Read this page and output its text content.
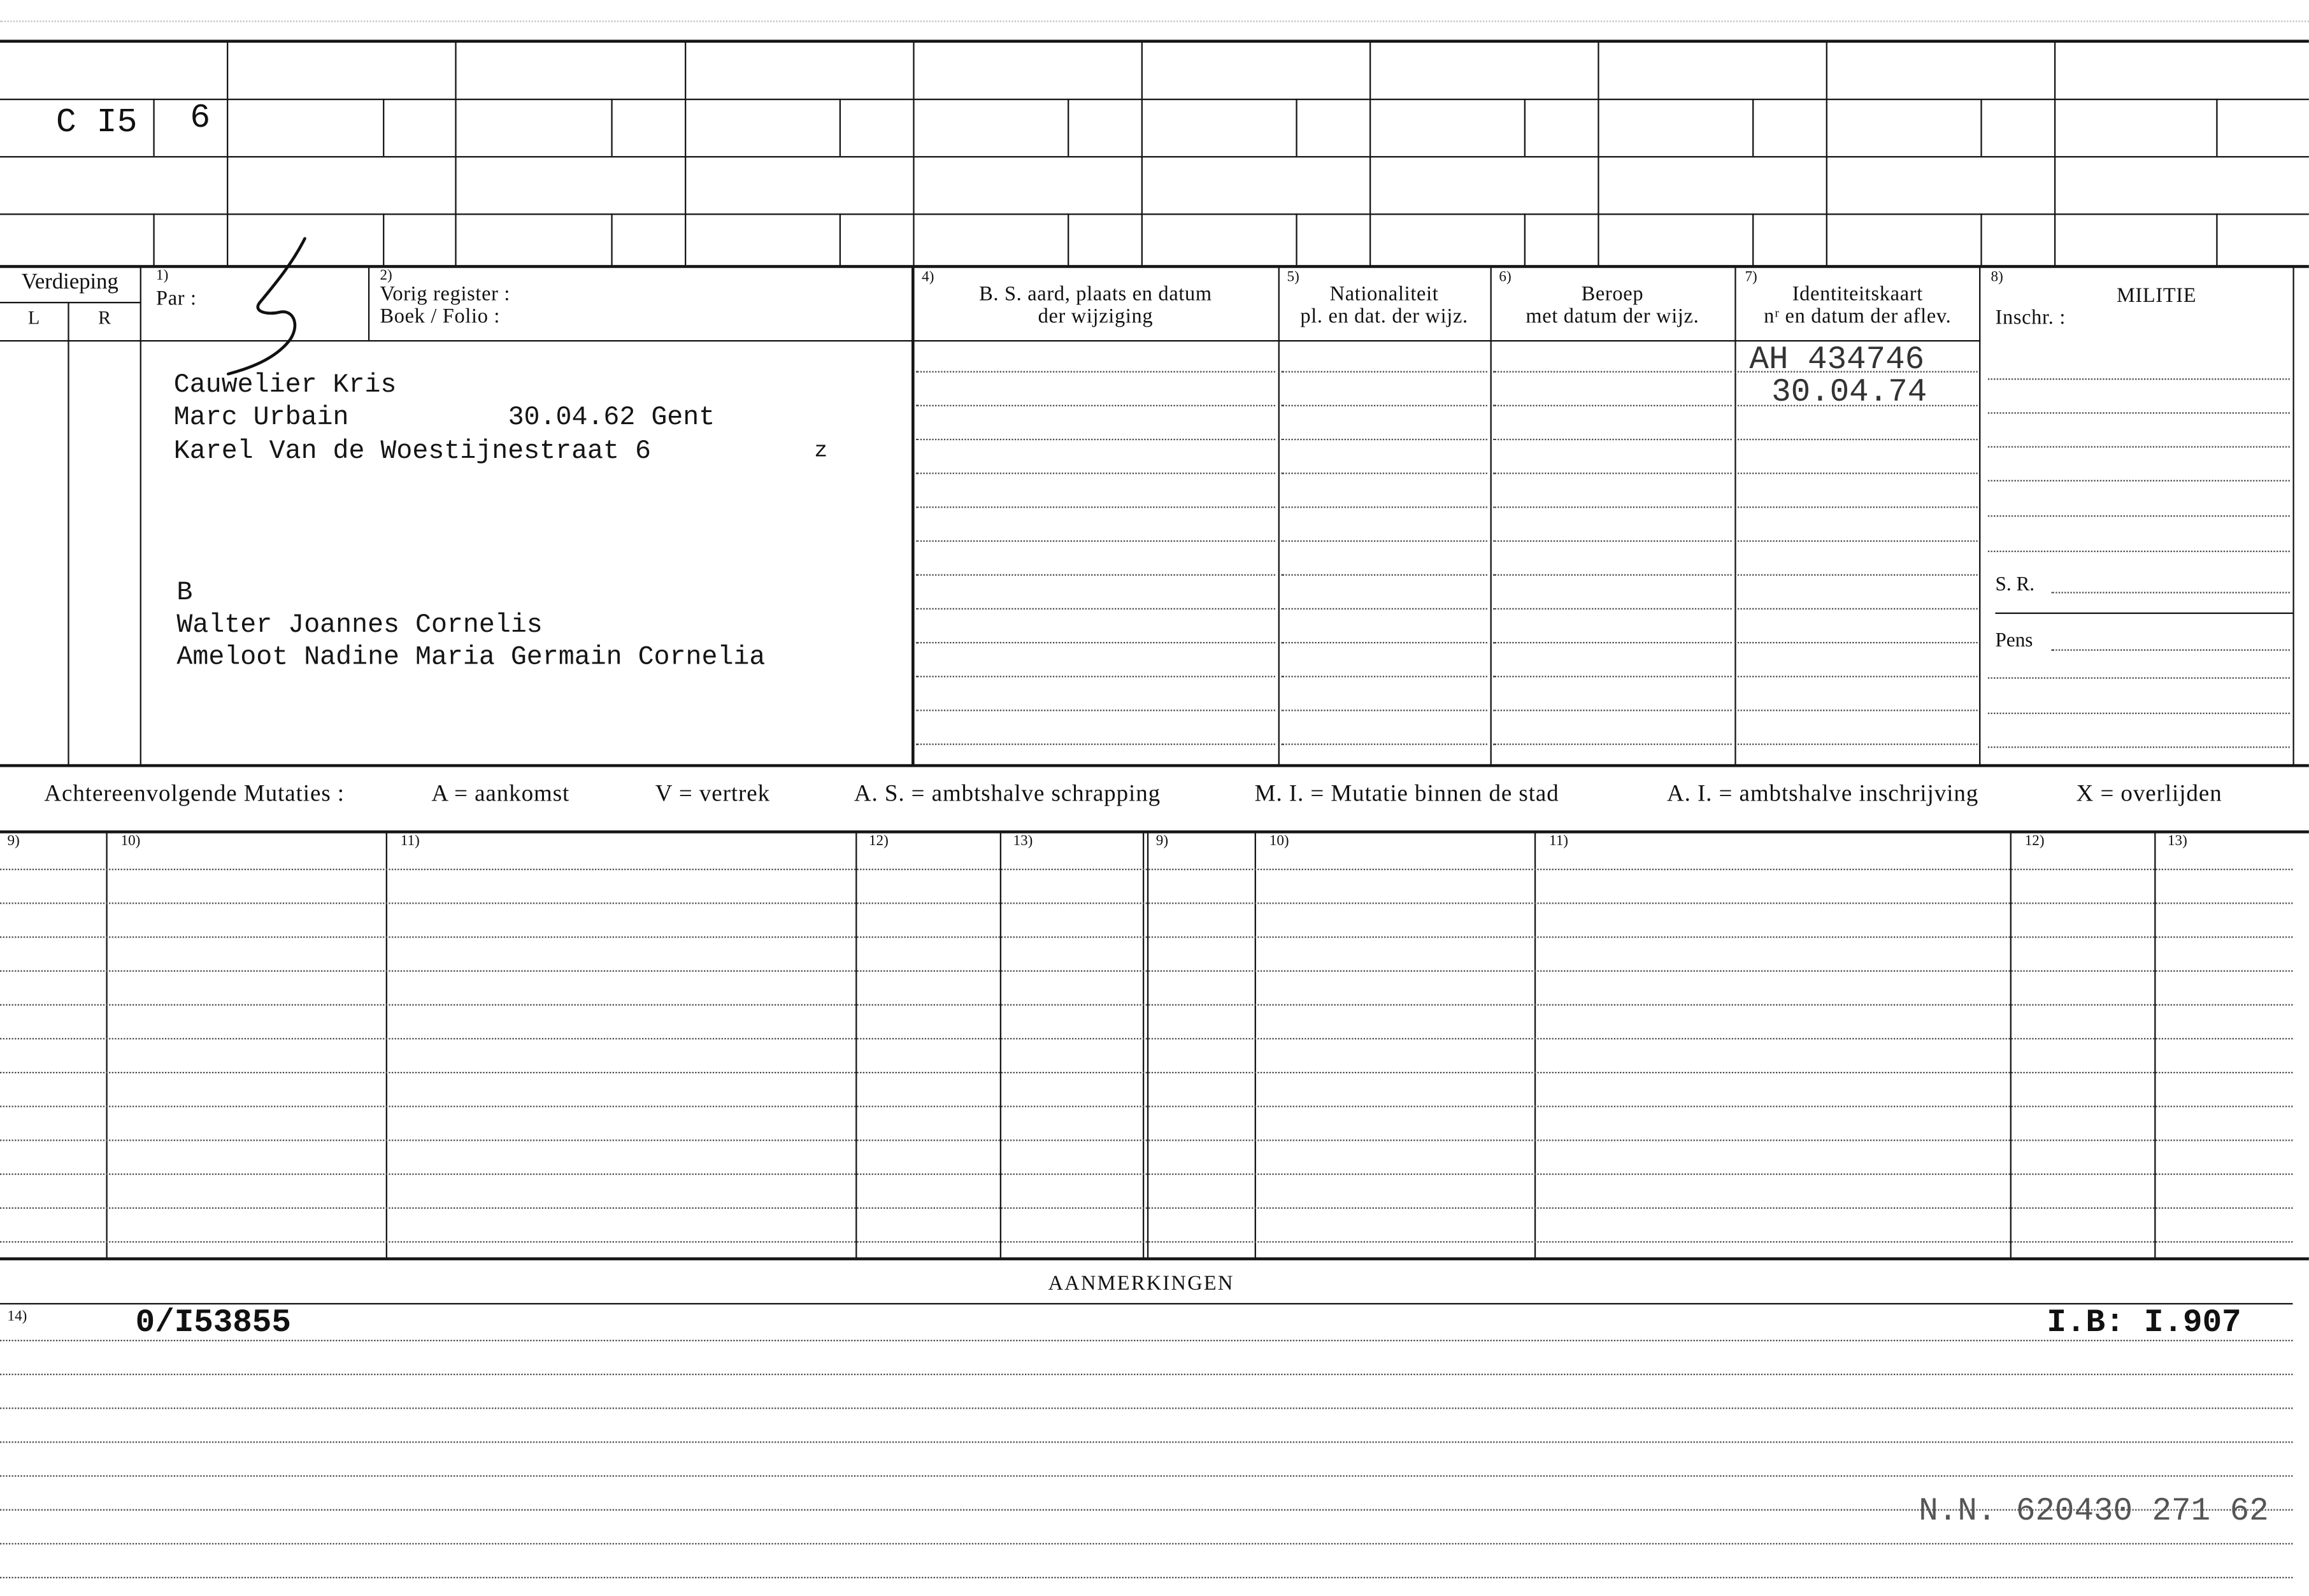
C I5	6
Verdieping
L	R
1)
Par :
2)
Vorig register :
Boek / Folio :
4)
B. S. aard, plaats en datum
der wijziging
5)
Nationaliteit
pl. en dat. der wijz.
6)
Beroep
met datum der wijz.
7)
Identiteitskaart
nʳ en datum der aflev.
8)
MILITIE
Inschr. :
Cauwelier Kris
Marc Urbain	30.04.62 Gent
Karel Van de Woestijnestraat 6	z
B
Walter Joannes Cornelis
Ameloot Nadine Maria Germain Cornelia
AH 434746
30.04.74
S. R.
Pens
Achtereenvolgende Mutaties :	A = aankomst	V = vertrek	A. S. = ambtshalve schrapping	M. I. = Mutatie binnen de stad	A. I. = ambtshalve inschrijving	X = overlijden
9)	10)	11)	12)	13)	9)	10)	11)	12)	13)
AANMERKINGEN
14)	0/I53855	I.B: I.907
N.N. 620430 271 62
